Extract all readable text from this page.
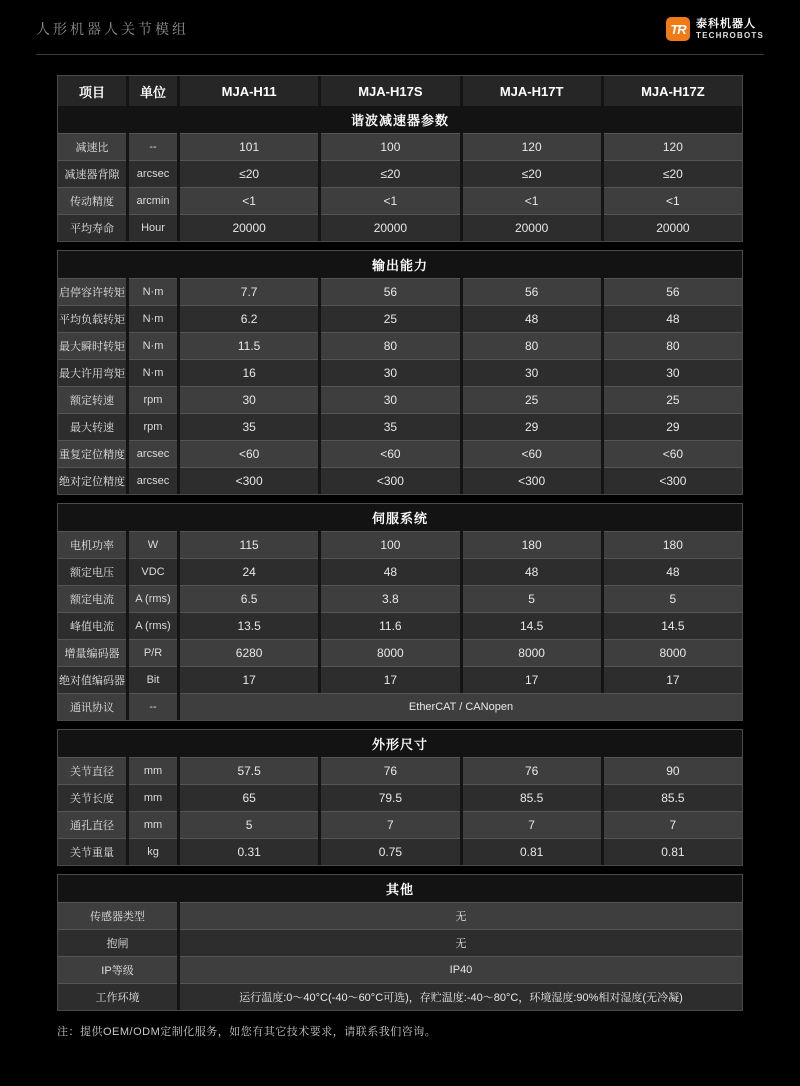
人形机器人关节模组	TR 泰科机器人
TECHROBOTS
项目	单位	MJA-H11	MJA-H17S	MJA-H17T	MJA-H17Z
谐波减速器参数
减速比	--	101	100	120	120
减速器背隙	arcsec	≤20	≤20	≤20	≤20
传动精度	arcmin	<1	<1	<1	<1
平均寿命	Hour	20000	20000	20000	20000
输出能力
启停容许转矩	N·m	7.7	56	56	56
平均负载转矩	N·m	6.2	25	48	48
最大瞬时转矩	N·m	11.5	80	80	80
最大许用弯矩	N·m	16	30	30	30
额定转速	rpm	30	30	25	25
最大转速	rpm	35	35	29	29
重复定位精度	arcsec	<60	<60	<60	<60
绝对定位精度	arcsec	<300	<300	<300	<300
伺服系统
电机功率	W	115	100	180	180
额定电压	VDC	24	48	48	48
额定电流	A (rms)	6.5	3.8	5	5
峰值电流	A (rms)	13.5	11.6	14.5	14.5
增量编码器	P/R	6280	8000	8000	8000
绝对值编码器	Bit	17	17	17	17
通讯协议	--	EtherCAT / CANopen
外形尺寸
关节直径	mm	57.5	76	76	90
关节长度	mm	65	79.5	85.5	85.5
通孔直径	mm	5	7	7	7
关节重量	kg	0.31	0.75	0.81	0.81
其他
传感器类型	无
抱闸	无
IP等级	IP40
工作环境	运行温度:0～40°C(-40～60°C可选)，存贮温度:-40～80°C，环境湿度:90%相对湿度(无冷凝)

注：提供OEM/ODM定制化服务，如您有其它技术要求，请联系我们咨询。
